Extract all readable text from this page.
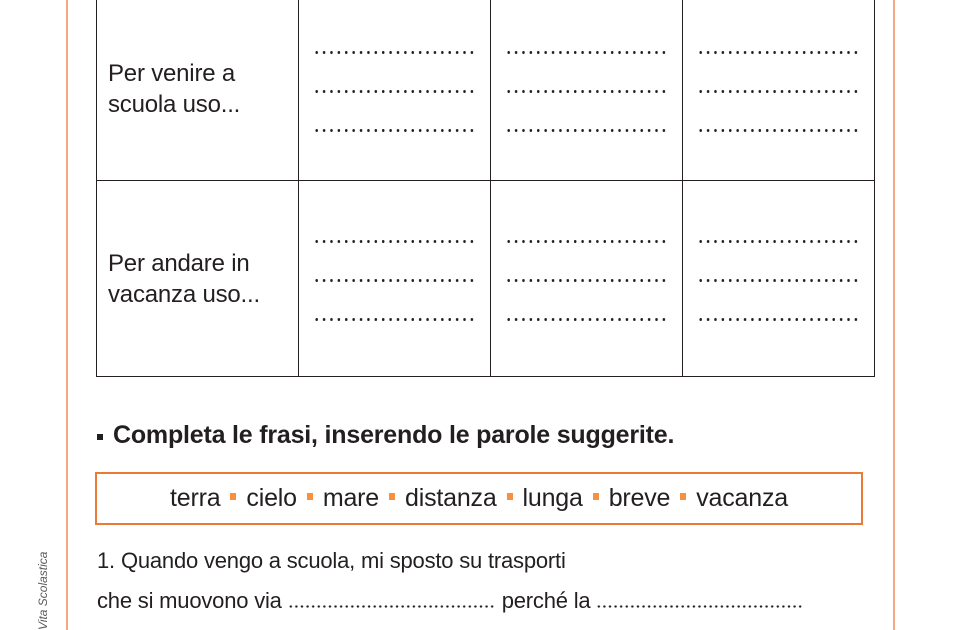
Vita Scolastica
Per venire a
scuola uso...			

Per andare in
vacanza uso...			

Completa le frasi, inserendo le parole suggerite.
terra cielo mare distanza lunga breve vacanza
1. Quando vengo a scuola, mi sposto su trasporti
che si muovono via	perché la
